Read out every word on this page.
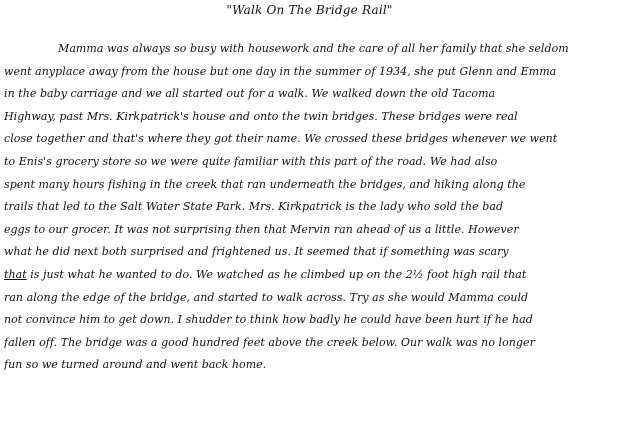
"Walk On The Bridge Rail"
Mamma was always so busy with housework and the care of all her family that she seldom
went anyplace away from the house but one day in the summer of 1934, she put Glenn and Emma
in the baby carriage and we all started out for a walk. We walked down the old Tacoma
Highway, past Mrs. Kirkpatrick's house and onto the twin bridges. These bridges were real
close together and that's where they got their name. We crossed these bridges whenever we went
to Enis's grocery store so we were quite familiar with this part of the road. We had also
spent many hours fishing in the creek that ran underneath the bridges, and hiking along the
trails that led to the Salt Water State Park. Mrs. Kirkpatrick is the lady who sold the bad
eggs to our grocer. It was not surprising then that Mervin ran ahead of us a little. However
what he did next both surprised and frightened us. It seemed that if something was scary
that is just what he wanted to do. We watched as he climbed up on the 2½ foot high rail that
ran along the edge of the bridge, and started to walk across. Try as she would Mamma could
not convince him to get down. I shudder to think how badly he could have been hurt if he had
fallen off. The bridge was a good hundred feet above the creek below. Our walk was no longer
fun so we turned around and went back home.
